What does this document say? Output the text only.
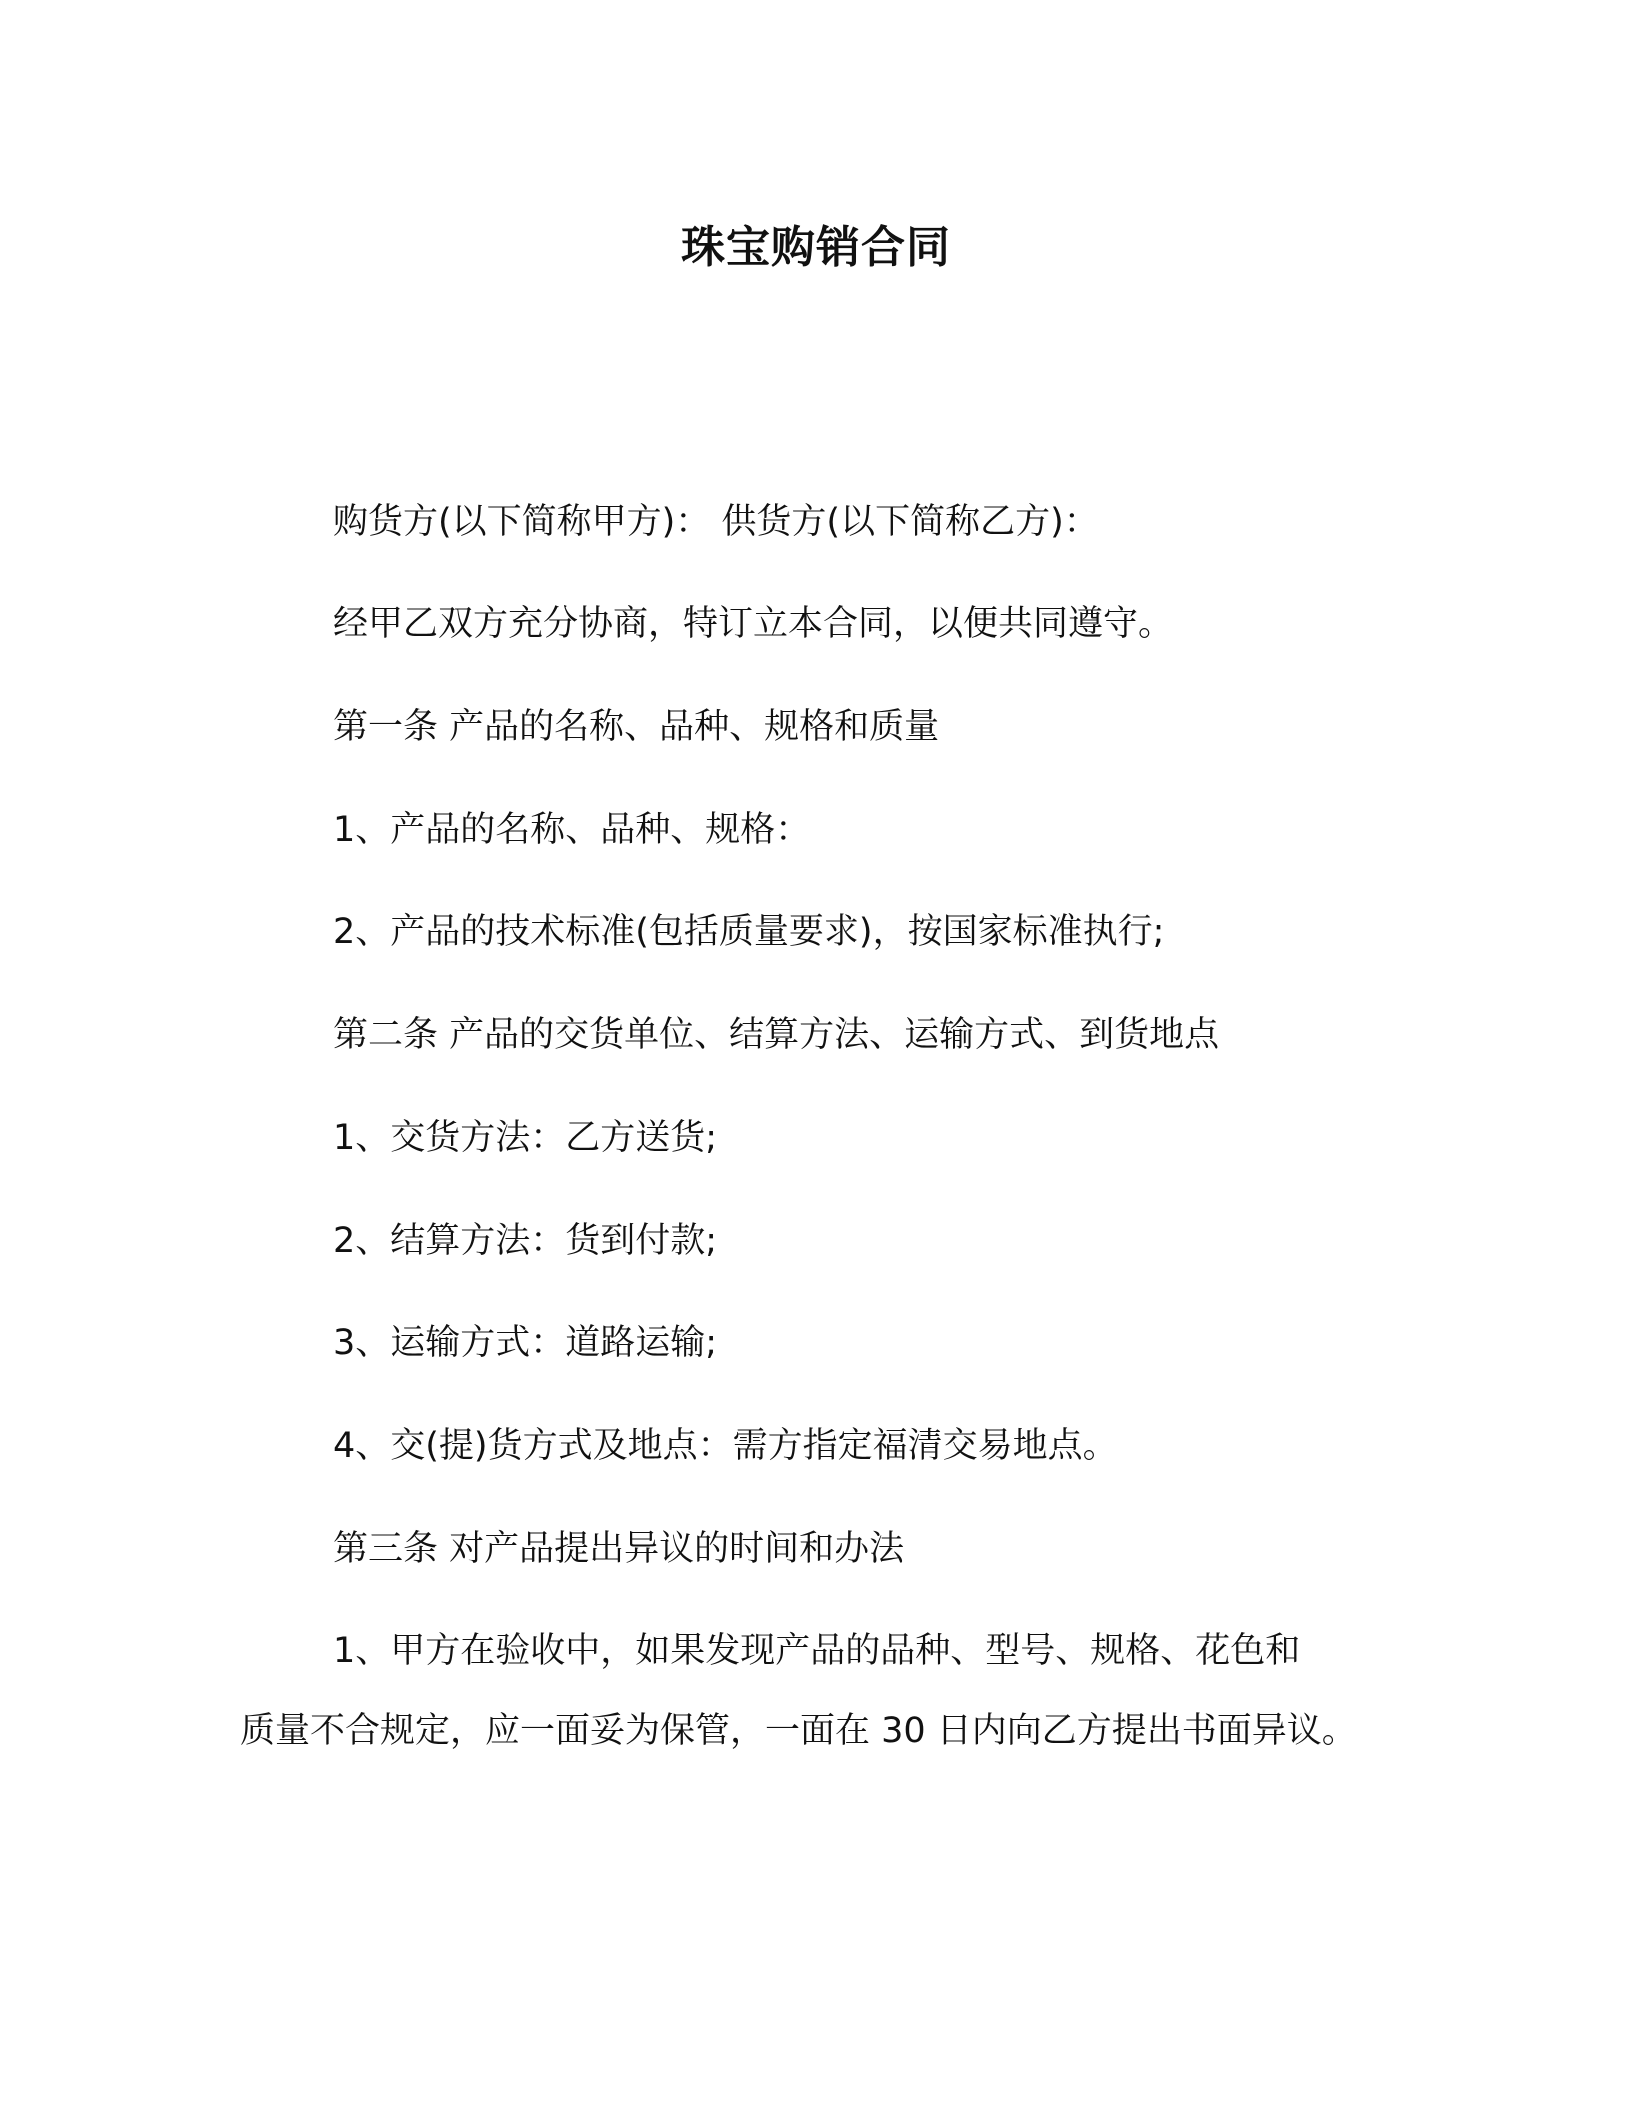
珠宝购销合同

购货方(以下简称甲方)： 供货方(以下简称乙方)：

经甲乙双方充分协商，特订立本合同，以便共同遵守。

第一条 产品的名称、品种、规格和质量

1、产品的名称、品种、规格：

2、产品的技术标准(包括质量要求)，按国家标准执行;

第二条 产品的交货单位、结算方法、运输方式、到货地点

1、交货方法：乙方送货;

2、结算方法：货到付款;

3、运输方式：道路运输;

4、交(提)货方式及地点：需方指定福清交易地点。

第三条 对产品提出异议的时间和办法

1、甲方在验收中，如果发现产品的品种、型号、规格、花色和

质量不合规定，应一面妥为保管，一面在 30 日内向乙方提出书面异议。
